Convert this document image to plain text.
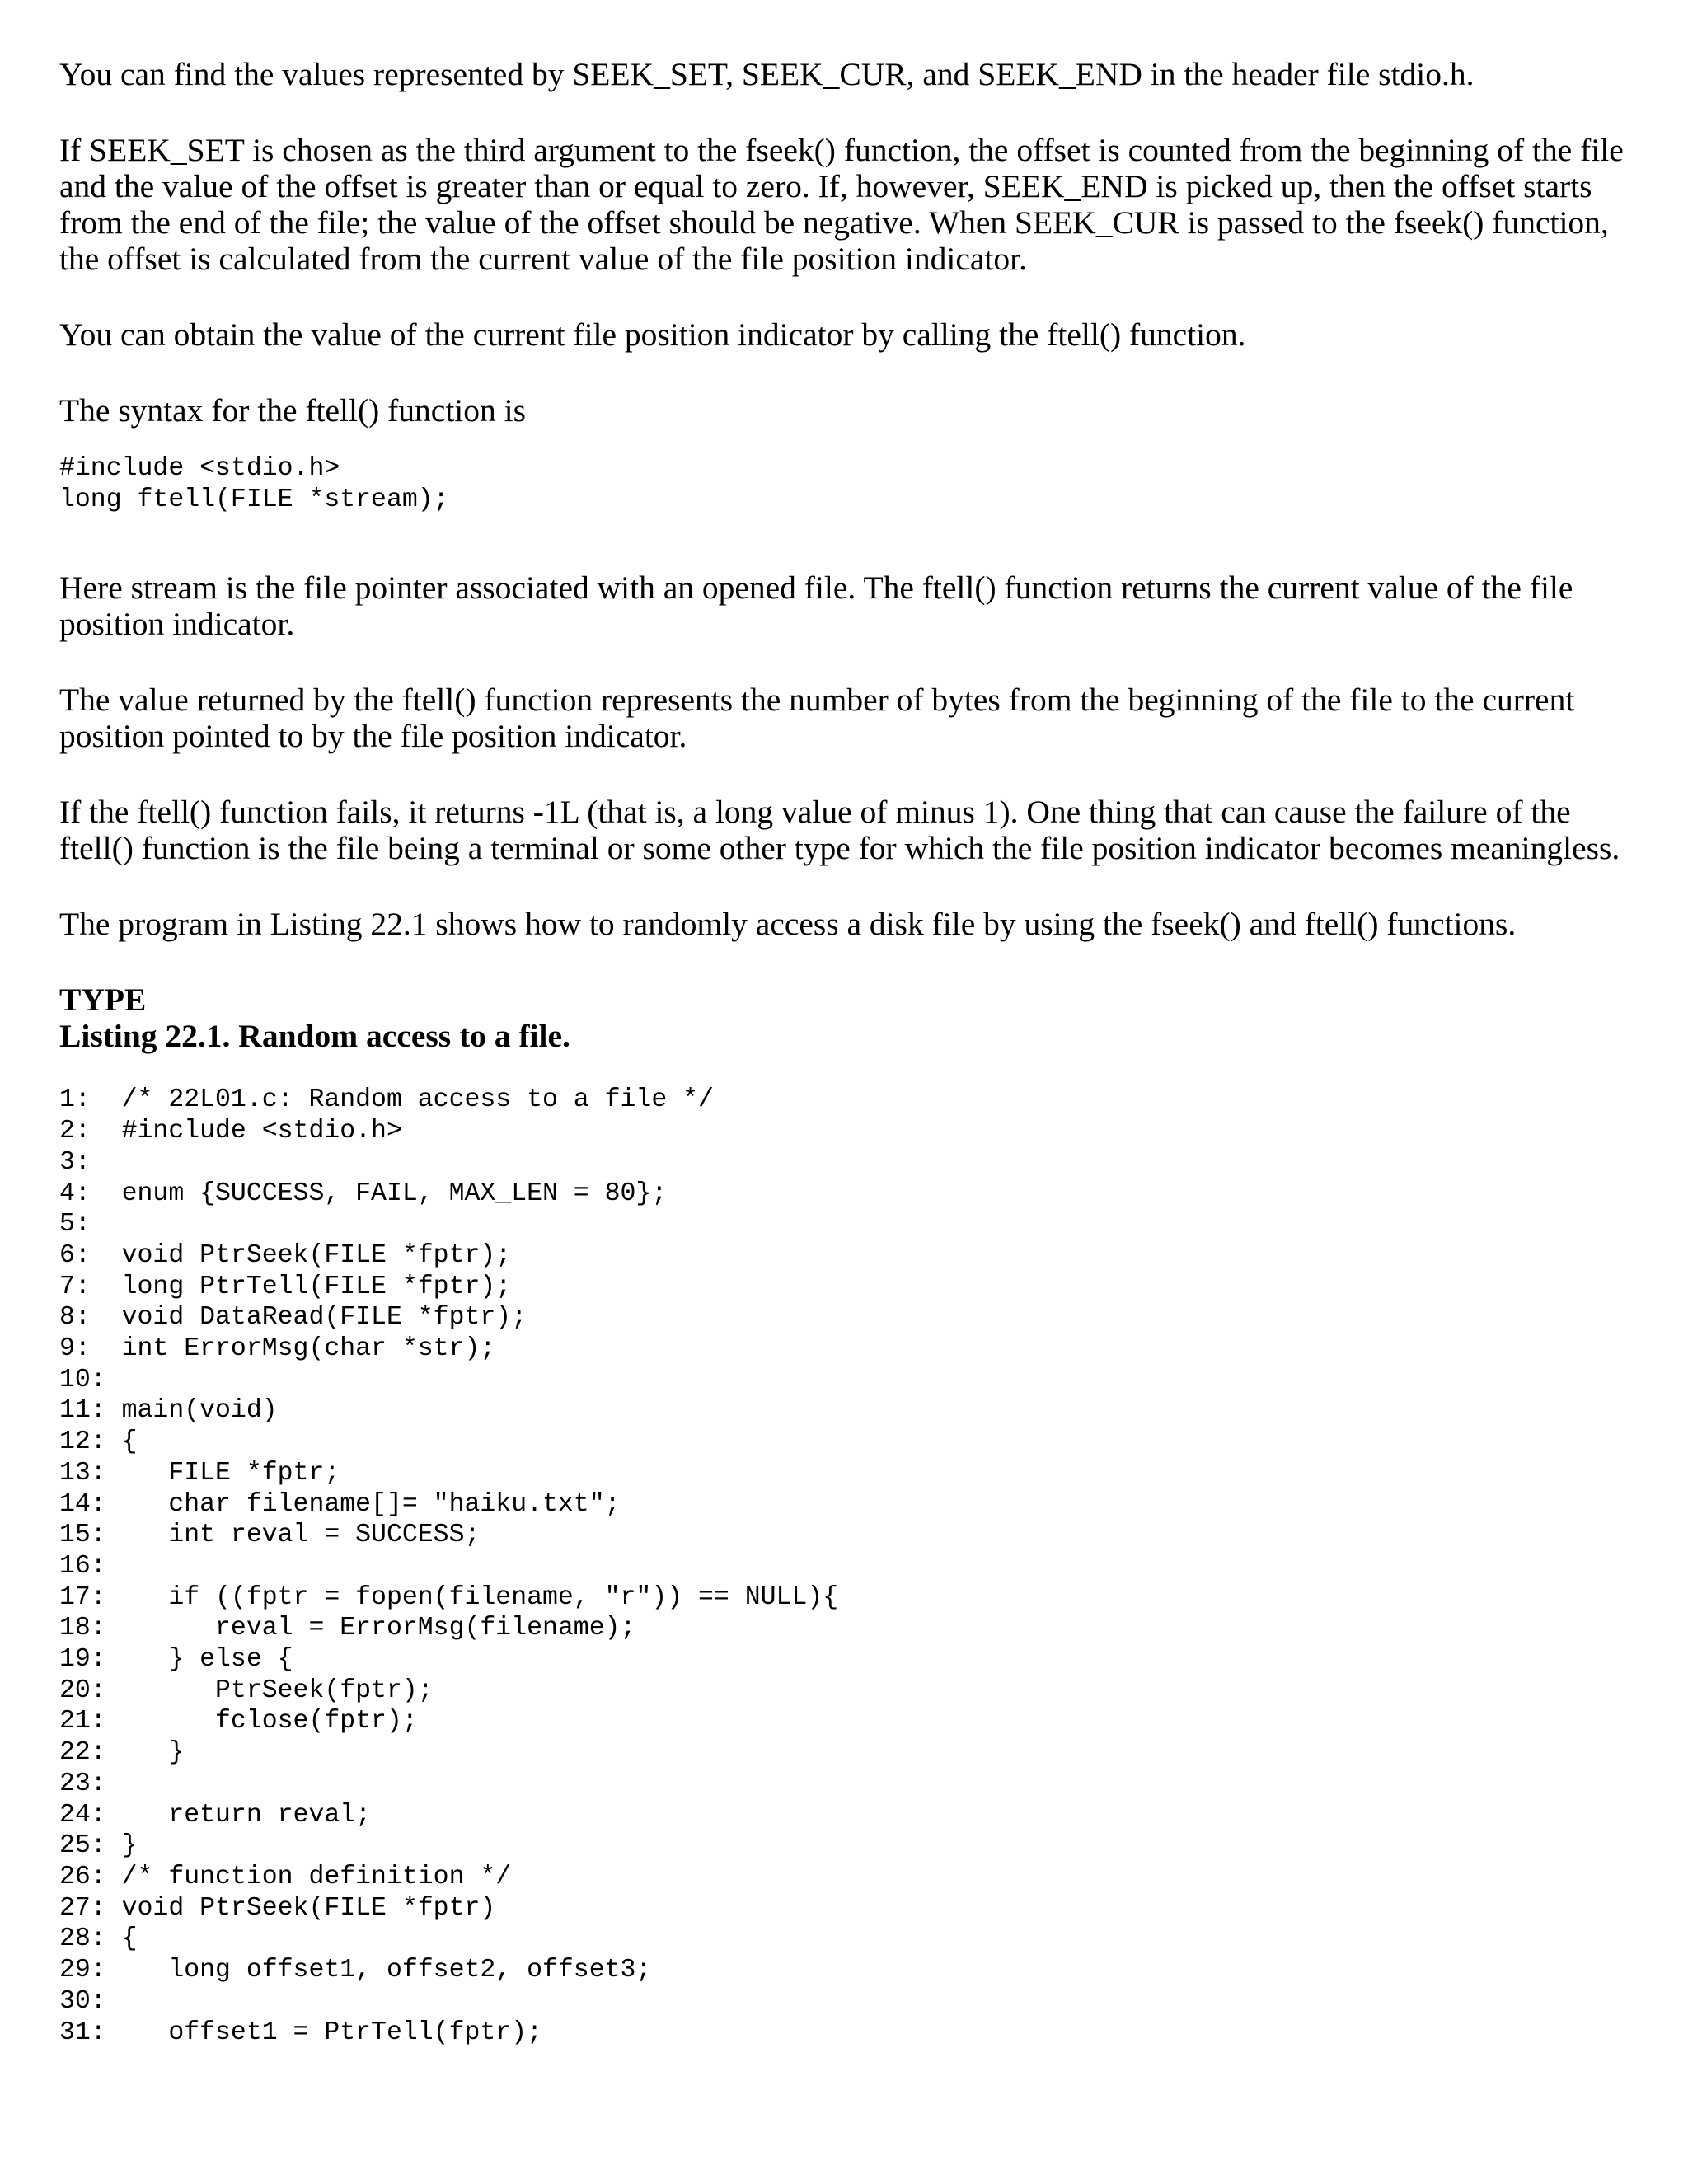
You can find the values represented by SEEK_SET, SEEK_CUR, and SEEK_END in the header file stdio.h.

If SEEK_SET is chosen as the third argument to the fseek() function, the offset is counted from the beginning of the file and the value of the offset is greater than or equal to zero. If, however, SEEK_END is picked up, then the offset starts from the end of the file; the value of the offset should be negative. When SEEK_CUR is passed to the fseek() function, the offset is calculated from the current value of the file position indicator.

You can obtain the value of the current file position indicator by calling the ftell() function.

The syntax for the ftell() function is

#include <stdio.h>
long ftell(FILE *stream);

Here stream is the file pointer associated with an opened file. The ftell() function returns the current value of the file position indicator.

The value returned by the ftell() function represents the number of bytes from the beginning of the file to the current position pointed to by the file position indicator.

If the ftell() function fails, it returns -1L (that is, a long value of minus 1). One thing that can cause the failure of the ftell() function is the file being a terminal or some other type for which the file position indicator becomes meaningless.

The program in Listing 22.1 shows how to randomly access a disk file by using the fseek() and ftell() functions.

TYPE
Listing 22.1. Random access to a file.
1:  /* 22L01.c: Random access to a file */
2:  #include <stdio.h>
3:
4:  enum {SUCCESS, FAIL, MAX_LEN = 80};
5:
6:  void PtrSeek(FILE *fptr);
7:  long PtrTell(FILE *fptr);
8:  void DataRead(FILE *fptr);
9:  int ErrorMsg(char *str);
10:
11: main(void)
12: {
13:    FILE *fptr;
14:    char filename[]= "haiku.txt";
15:    int reval = SUCCESS;
16:
17:    if ((fptr = fopen(filename, "r")) == NULL){
18:       reval = ErrorMsg(filename);
19:    } else {
20:       PtrSeek(fptr);
21:       fclose(fptr);
22:    }
23:
24:    return reval;
25: }
26: /* function definition */
27: void PtrSeek(FILE *fptr)
28: {
29:    long offset1, offset2, offset3;
30:
31:    offset1 = PtrTell(fptr);
